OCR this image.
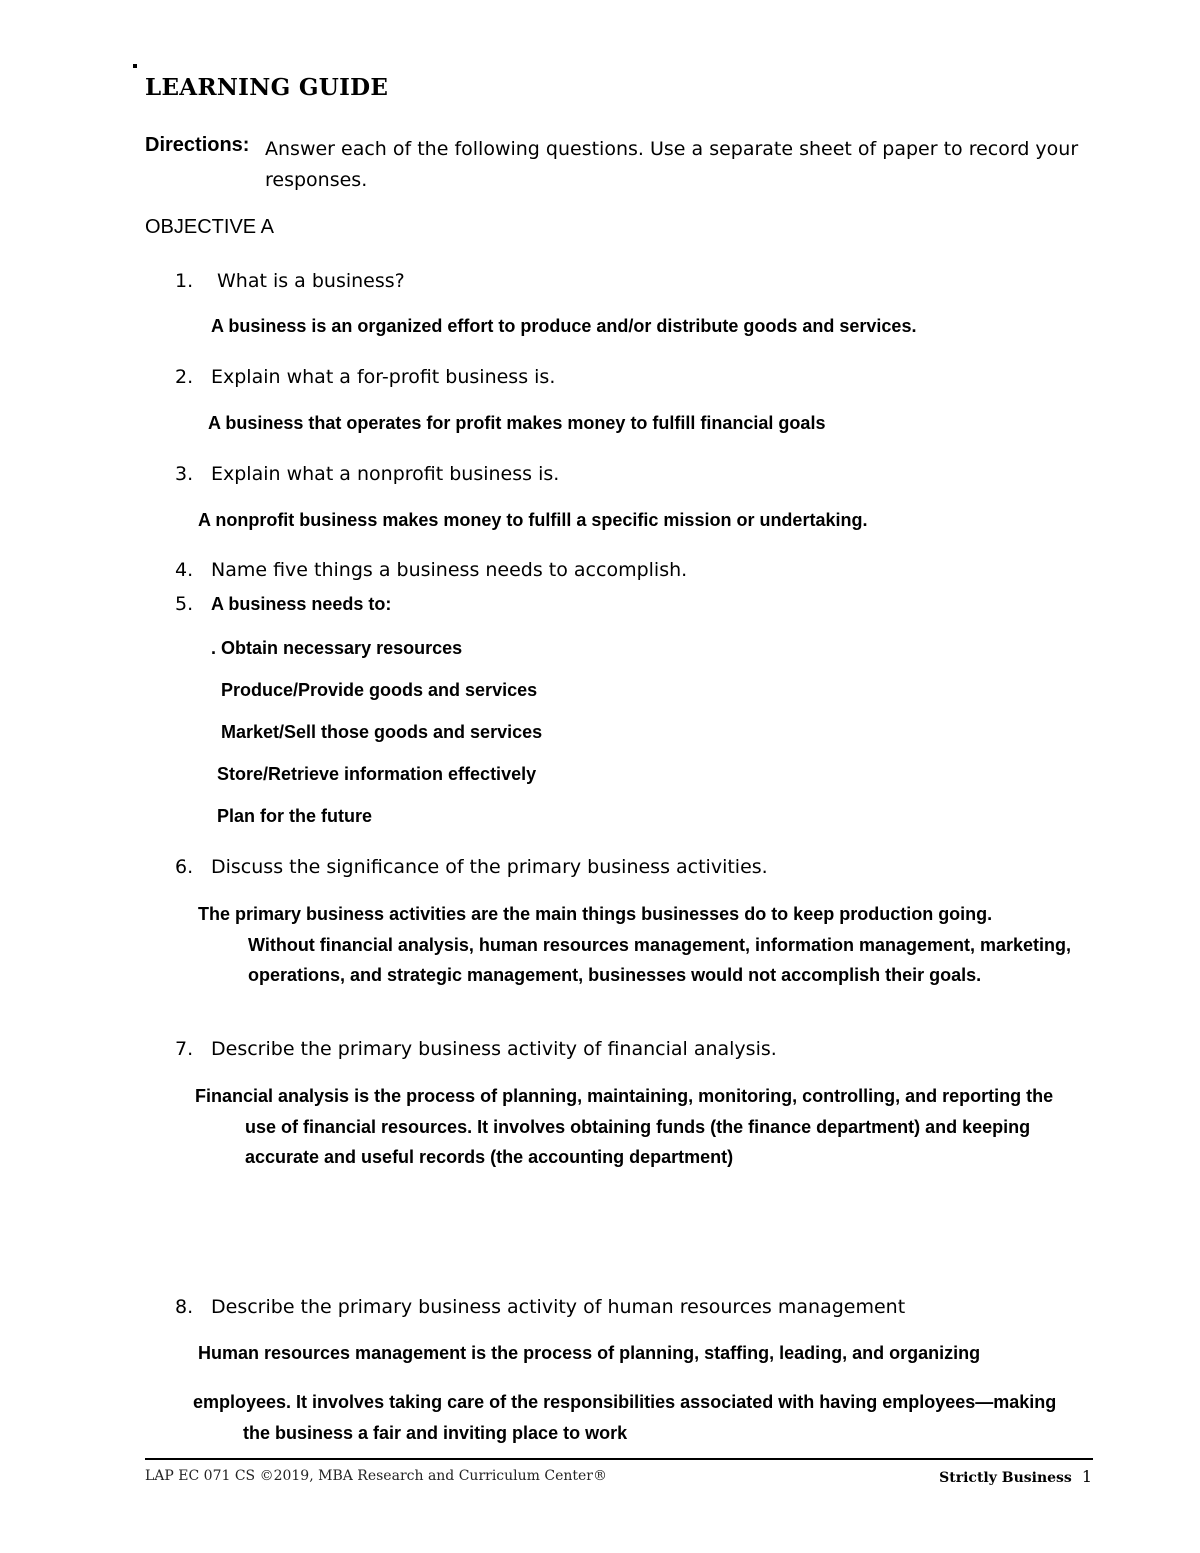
LEARNING GUIDE
Directions: Answer each of the following questions. Use a separate sheet of paper to record your responses.
OBJECTIVE A
1. What is a business?
A business is an organized effort to produce and/or distribute goods and services.
2. Explain what a for-profit business is.
A business that operates for profit makes money to fulfill financial goals
3. Explain what a nonprofit business is.
A nonprofit business makes money to fulfill a specific mission or undertaking.
4. Name five things a business needs to accomplish.
5. A business needs to:
. Obtain necessary resources
Produce/Provide goods and services
Market/Sell those goods and services
Store/Retrieve information effectively
Plan for the future
6. Discuss the significance of the primary business activities.
The primary business activities are the main things businesses do to keep production going.
Without financial analysis, human resources management, information management, marketing, operations, and strategic management, businesses would not accomplish their goals.
7. Describe the primary business activity of financial analysis.
Financial analysis is the process of planning, maintaining, monitoring, controlling, and reporting the
use of financial resources. It involves obtaining funds (the finance department) and keeping accurate and useful records (the accounting department)
8. Describe the primary business activity of human resources management
Human resources management is the process of planning, staffing, leading, and organizing
employees. It involves taking care of the responsibilities associated with having employees—making
the business a fair and inviting place to work
LAP EC 071 CS ©2019, MBA Research and Curriculum Center®	Strictly Business 1
